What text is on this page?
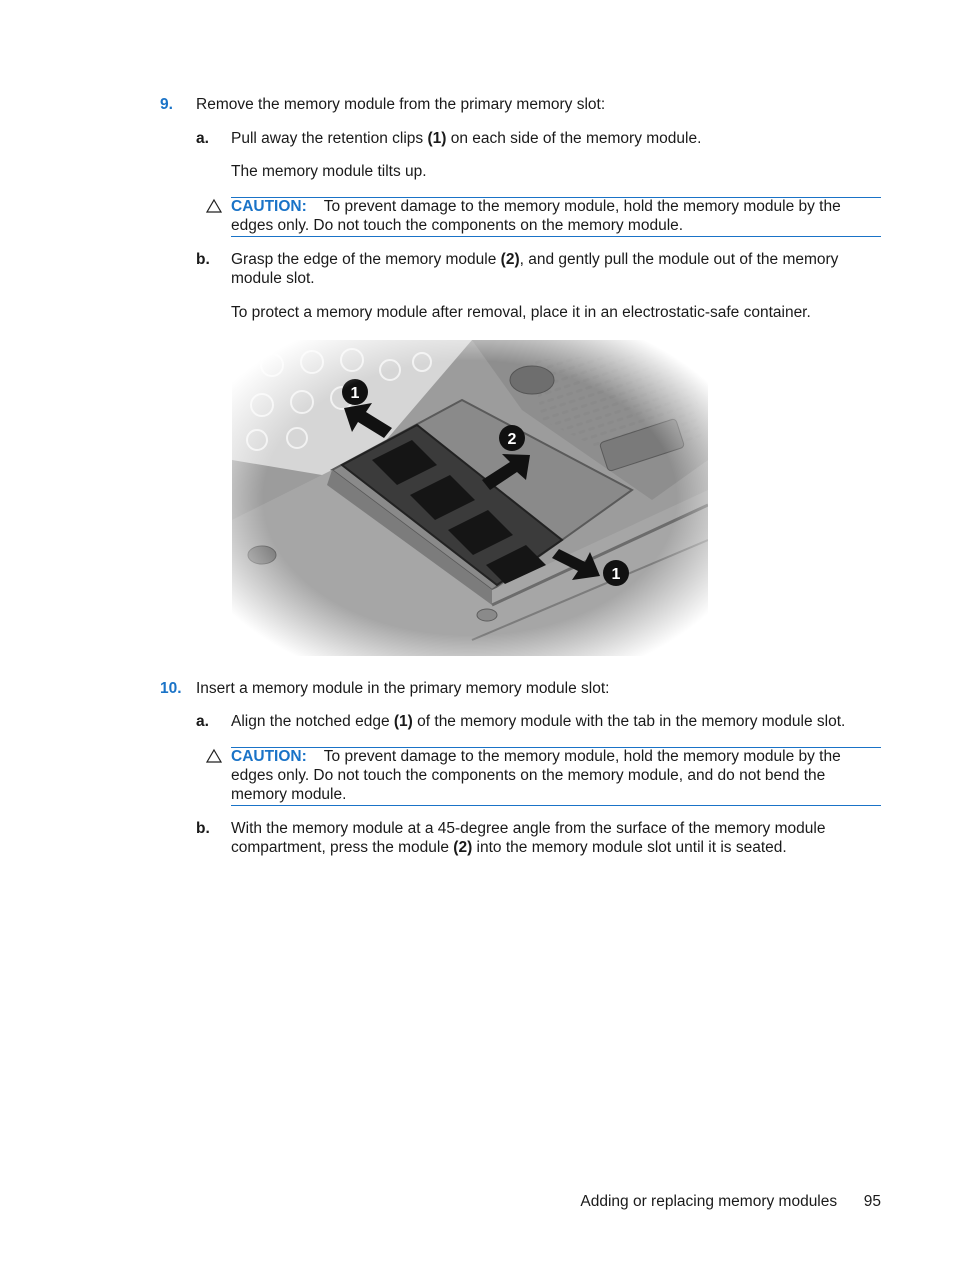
9. Remove the memory module from the primary memory slot:
a. Pull away the retention clips (1) on each side of the memory module.
The memory module tilts up.
CAUTION: To prevent damage to the memory module, hold the memory module by the
edges only. Do not touch the components on the memory module.
b. Grasp the edge of the memory module (2), and gently pull the module out of the memory
module slot.
To protect a memory module after removal, place it in an electrostatic-safe container.
10. Insert a memory module in the primary memory module slot:
a. Align the notched edge (1) of the memory module with the tab in the memory module slot.
CAUTION: To prevent damage to the memory module, hold the memory module by the
edges only. Do not touch the components on the memory module, and do not bend the
memory module.
b. With the memory module at a 45-degree angle from the surface of the memory module
compartment, press the module (2) into the memory module slot until it is seated.
Adding or replacing memory modules 95
